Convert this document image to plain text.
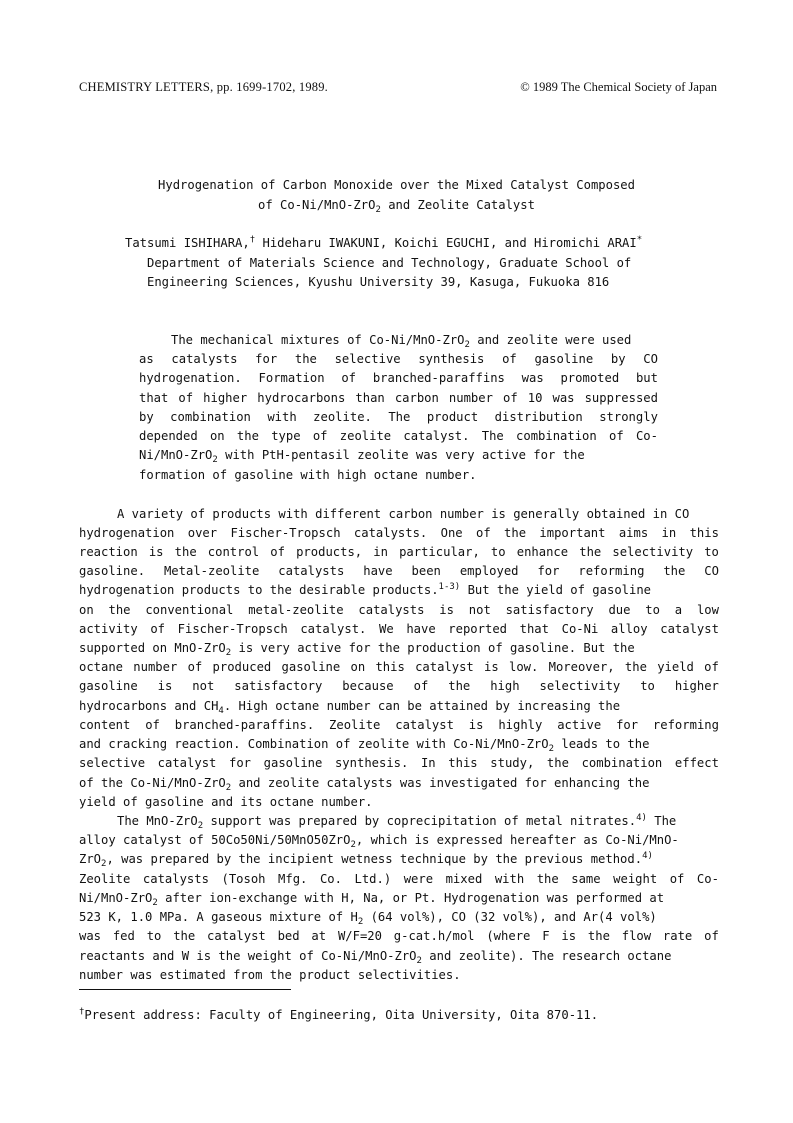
CHEMISTRY LETTERS, pp. 1699-1702, 1989.	© 1989 The Chemical Society of Japan
Hydrogenation of Carbon Monoxide over the Mixed Catalyst Composed
of Co-Ni/MnO-ZrO$_2$ and Zeolite Catalyst
Tatsumi ISHIHARA,† Hideharu IWAKUNI, Koichi EGUCHI, and Hiromichi ARAI*
Department of Materials Science and Technology, Graduate School of
Engineering Sciences, Kyushu University 39, Kasuga, Fukuoka 816
The mechanical mixtures of Co-Ni/MnO-ZrO$_2$ and zeolite were used
as catalysts for the selective synthesis of gasoline by CO
hydrogenation. Formation of branched-paraffins was promoted but
that of higher hydrocarbons than carbon number of 10 was suppressed
by combination with zeolite. The product distribution strongly
depended on the type of zeolite catalyst. The combination of Co-
Ni/MnO-ZrO$_2$ with PtH-pentasil zeolite was very active for the
formation of gasoline with high octane number.
A variety of products with different carbon number is generally obtained in CO
hydrogenation over Fischer-Tropsch catalysts. One of the important aims in this
reaction is the control of products, in particular, to enhance the selectivity to
gasoline. Metal-zeolite catalysts have been employed for reforming the CO
hydrogenation products to the desirable products.$^{1-3)}$ But the yield of gasoline
on the conventional metal-zeolite catalysts is not satisfactory due to a low
activity of Fischer-Tropsch catalyst. We have reported that Co-Ni alloy catalyst
supported on MnO-ZrO$_2$ is very active for the production of gasoline. But the
octane number of produced gasoline on this catalyst is low. Moreover, the yield of
gasoline is not satisfactory because of the high selectivity to higher
hydrocarbons and $CH_4$. High octane number can be attained by increasing the
content of branched-paraffins. Zeolite catalyst is highly active for reforming
and cracking reaction. Combination of zeolite with Co-Ni/MnO-ZrO$_2$ leads to the
selective catalyst for gasoline synthesis. In this study, the combination effect
of the Co-Ni/MnO-ZrO$_2$ and zeolite catalysts was investigated for enhancing the
yield of gasoline and its octane number.
The MnO-ZrO$_2$ support was prepared by coprecipitation of metal nitrates.$^{4)}$ The
alloy catalyst of 50Co50Ni/50MnO50ZrO$_2$, which is expressed hereafter as Co-Ni/MnO-
ZrO$_2$, was prepared by the incipient wetness technique by the previous method.$^{4)}$
Zeolite catalysts (Tosoh Mfg. Co. Ltd.) were mixed with the same weight of Co-
Ni/MnO-ZrO$_2$ after ion-exchange with H, Na, or Pt. Hydrogenation was performed at
523 K, 1.0 MPa. A gaseous mixture of $H_2$ (64 vol%), CO (32 vol%), and Ar(4 vol%)
was fed to the catalyst bed at W/F=20 g-cat.h/mol (where F is the flow rate of
reactants and W is the weight of Co-Ni/MnO-ZrO$_2$ and zeolite). The research octane
number was estimated from the product selectivities.
†Present address: Faculty of Engineering, Oita University, Oita 870-11.
